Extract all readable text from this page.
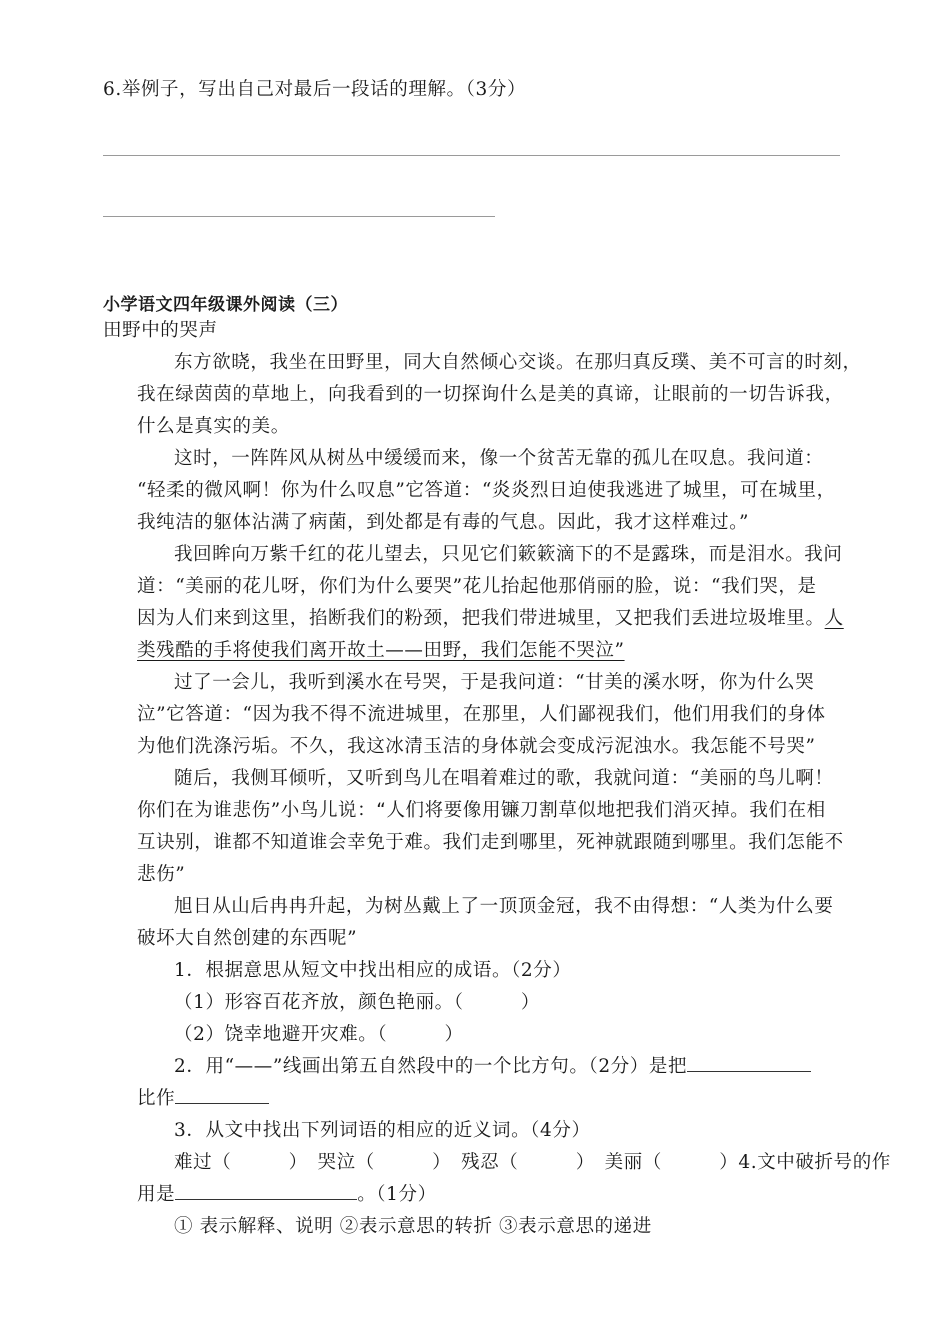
6.举例子，写出自己对最后一段话的理解。（3分）
小学语文四年级课外阅读（三）
田野中的哭声
东方欲晓，我坐在田野里，同大自然倾心交谈。在那归真反璞、美不可言的时刻，
我在绿茵茵的草地上，向我看到的一切探询什么是美的真谛，让眼前的一切告诉我，
什么是真实的美。
这时，一阵阵风从树丛中缓缓而来，像一个贫苦无靠的孤儿在叹息。我问道：
“轻柔的微风啊！你为什么叹息”它答道：“炎炎烈日迫使我逃进了城里，可在城里，
我纯洁的躯体沾满了病菌，到处都是有毒的气息。因此，我才这样难过。”
我回眸向万紫千红的花儿望去，只见它们簌簌滴下的不是露珠，而是泪水。我问
道：“美丽的花儿呀，你们为什么要哭”花儿抬起他那俏丽的脸，说：“我们哭，是
因为人们来到这里，掐断我们的粉颈，把我们带进城里，又把我们丢进垃圾堆里。人
类残酷的手将使我们离开故土——田野，我们怎能不哭泣”
过了一会儿，我听到溪水在号哭，于是我问道：“甘美的溪水呀，你为什么哭
泣”它答道：“因为我不得不流进城里，在那里，人们鄙视我们，他们用我们的身体
为他们洗涤污垢。不久，我这冰清玉洁的身体就会变成污泥浊水。我怎能不号哭”
随后，我侧耳倾听，又听到鸟儿在唱着难过的歌，我就问道：“美丽的鸟儿啊！
你们在为谁悲伤”小鸟儿说：“人们将要像用镰刀割草似地把我们消灭掉。我们在相
互诀别，谁都不知道谁会幸免于难。我们走到哪里，死神就跟随到哪里。我们怎能不
悲伤”
旭日从山后冉冉升起，为树丛戴上了一顶顶金冠，我不由得想：“人类为什么要
破坏大自然创建的东西呢”
1．根据意思从短文中找出相应的成语。（2分）
（1）形容百花齐放，颜色艳丽。（　　　）
（2）饶幸地避开灾难。（　　　）
2．用“——”线画出第五自然段中的一个比方句。（2分）是把
比作
3．从文中找出下列词语的相应的近义词。（4分）
难过（　　　）　哭泣（　　　）　残忍（　　　）　美丽（　　　）4.文中破折号的作
用是	。（1分）
① 表示解释、说明 ②表示意思的转折 ③表示意思的递进
